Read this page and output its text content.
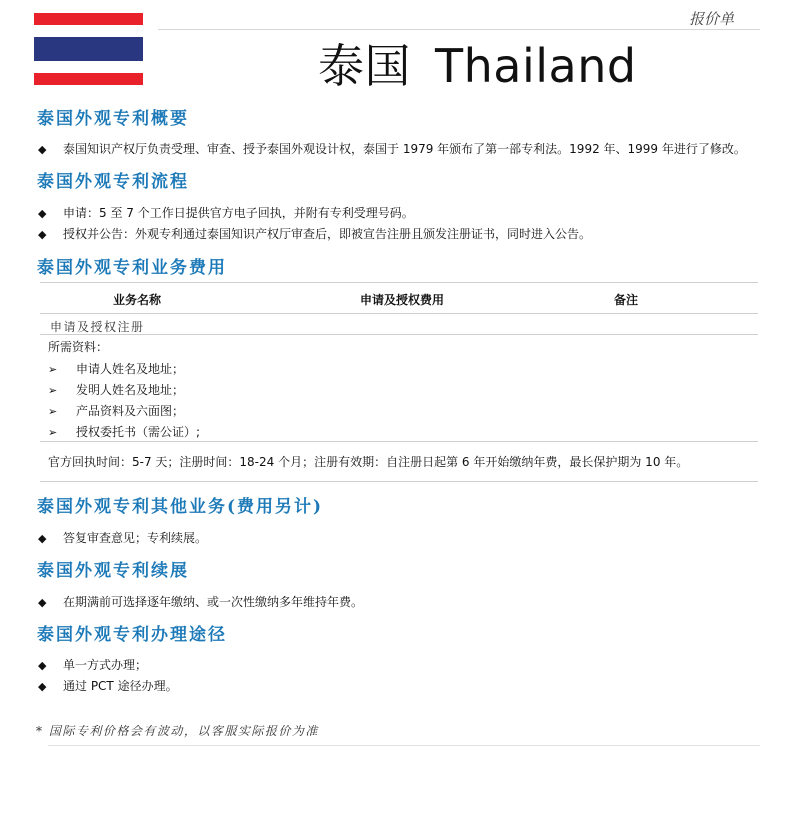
报价单
泰国 Thailand
泰国外观专利概要
◆ 泰国知识产权厅负责受理、审查、授予泰国外观设计权，泰国于 1979 年颁布了第一部专利法。1992 年、1999 年进行了修改。
泰国外观专利流程
◆ 申请：5 至 7 个工作日提供官方电子回执，并附有专利受理号码。
◆ 授权并公告：外观专利通过泰国知识产权厅审查后，即被宣告注册且颁发注册证书，同时进入公告。
泰国外观专利业务费用
业务名称	申请及授权费用	备注
申请及授权注册
所需资料：
➢ 申请人姓名及地址；
➢ 发明人姓名及地址；
➢ 产品资料及六面图；
➢ 授权委托书（需公证）;
官方回执时间：5-7 天；注册时间：18-24 个月；注册有效期：自注册日起第 6 年开始缴纳年费，最长保护期为 10 年。
泰国外观专利其他业务(费用另计)
◆ 答复审查意见；专利续展。
泰国外观专利续展
◆ 在期满前可选择逐年缴纳、或一次性缴纳多年维持年费。
泰国外观专利办理途径
◆ 单一方式办理；
◆ 通过 PCT 途径办理。
* 国际专利价格会有波动，以客服实际报价为准
